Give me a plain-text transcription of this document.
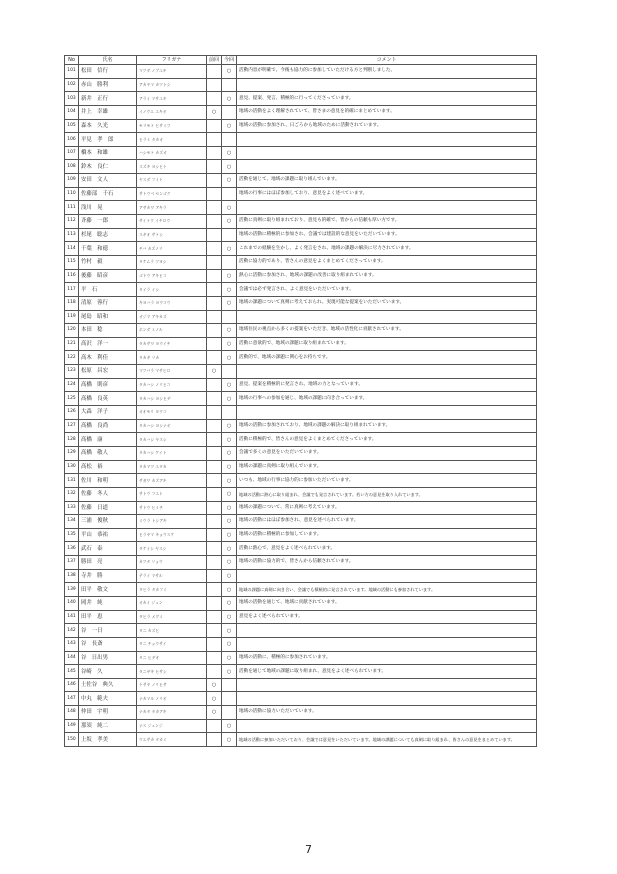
No	氏名	フリガナ	前回	今回	コメント
101	松田　信行	マツダ ノブユキ		○	活動内容が明確で、今後も協力的に参加していただける方と判断しました。
102	赤山　勝利	アカヤマ カツトシ			
103	新井　正行	アライ マサユキ		○	意見、提案、発言、積極的に行ってくださっています。
104	井上　幸雄	イノウエ ユキオ	○		地域の活動をよく理解されていて、皆さまの意見を的確にまとめています。
105	森本　久光	モリモト ヒサミツ		○	地域の活動に参加され、日ごろから地域のために活動されています。
106	平見　孝　郎	ヒラミ タカオ			
107	橋本　和雄	ハシモト カズオ		○	
108	鈴木　良仁	スズキ ヨシヒト		○	
109	安田　文人	ヤスダ フミト		○	活動を通じて、地域の課題に取り組んでいます。
110	佐藤部　千石	サトウベ センゴク			地域の行事にはほぼ参加しており、意見をよく述べています。
111	浅川　晃	アサカワ アキラ		○	
112	斉藤　一郎	サイトウ イチロウ		○	活動に真剣に取り組まれており、意見も的確で、皆からの信頼も厚い方です。
113	杉尾　聡志	スギオ サトシ			地域の活動に積極的に参加され、会議では建設的な意見をいただいています。
114	千葉　和徳	チバ カズノリ		○	これまでの経験を生かし、よく発言をされ、地域の課題の解決に尽力されています。
115	竹村　毅	タケムラ ツヨシ			活動に協力的であり、皆さんの意見をよくまとめてくださっています。
116	後藤　昭彦	ゴトウ アキヒコ		○	熱心に活動に参加され、地域の課題の改善に取り組まれています。
117	平　石	タイラ イシ		○	会議では必ず発言され、よく意見をいただいています。
118	清原　蓉行	キヨハラ ヨウコウ		○	地域の課題について真剣に考えておられ、実現可能な提案をいただいています。
119	尾島　昭和	オジマ アキカズ			
120	本田　稔	ホンダ ミノル		○	地域住民の視点から多くの提案をいただき、地域の活性化に貢献されています。
121	高沢　洋一	タカサワ ヨウイチ		○	活動に意欲的で、地域の課題に取り組まれています。
122	高木　利佳	タカギ リカ		○	活動的で、地域の課題に関心をお持ちです。
123	松原　昌宏	マツバラ マサヒロ	○		
124	高橋　則彦	タカハシ ノリヒコ		○	意見、提案を積極的に発言され、地域の力となっています。
125	高橋　良英	タカハシ ヨシヒデ		○	地域の行事への参加を通じ、地域の課題に向き合っています。
126	大森　洋子	オオモリ ヨウコ			
127	高橋　良尚	タカハシ ヨシナオ		○	地域の活動に参加されており、地域の課題の解決に取り組まれています。
128	高橋　康	タカハシ ヤスシ		○	活動に積極的で、皆さんの意見をよくまとめてくださっています。
129	高橋　敬人	タカハシ ケイト		○	会議で多くの意見をいただいています。
130	高松　裕	タカマツ ユタカ		○	地域の課題に真剣に取り組んでいます。
131	佐川　和明	サガワ カズアキ		○	いつも、地域の行事に協力的に参加いただいています。
132	佐藤　冬人	サトウ フユト		○	地域の活動に熱心に取り組まれ、会議でも発言されています。若い方の意見を取り入れています。
133	佐藤　日道	サトウ ヒミチ		○	地域の課題について、常に真剣に考えています。
134	三浦　俊秋	ミウラ トシアキ		○	地域の活動にはほぼ参加され、意見を述べられています。
135	平山　恭祐	ヒラヤマ キョウスケ		○	地域の活動に積極的に参加しています。
136	武石　泰	タケイシ ヤスシ		○	活動に熱心で、意見をよく述べられています。
137	勝田　亮	カツタ リョウ		○	地域の活動に協力的で、皆さんから信頼されています。
138	寺井　勝	テライ マサル		○	
139	田平　敬文	タヒラ タカフミ		○	地域の課題に真剣に向き合い、会議でも積極的に発言されています。地域の活動にも参加されています。
140	岡井　純	オカイ ジュン		○	地域の活動を通じて、地域に貢献されています。
141	田平　恵	タヒラ メグミ		○	意見をよく述べられています。
142	谷　一日	タニ カズヒ		○	
143	谷　長斎	タニ チョウサイ		○	
144	谷　日出男	タニ ヒデオ		○	地域の活動に、積極的に参加されています。
145	谷崎　久	タニザキ ヒサシ		○	活動を通じて地域の課題に取り組まれ、意見をよく述べられています。
146	土佐谷　典久	トサヤ ノリヒサ	○		
147	中丸　範夫	ナカマル ノリオ	○		
148	仲田　宇明	ナカタ タカアキ	○		地域の活動に協力いただいています。
149	那須　純二	ナス ジュンジ		○	
150	上坂　孝美	ウエサカ タカミ		○	地域の活動に参加いただいており、会議では意見をいただいています。地域の課題についても真剣に取り組まれ、皆さんの意見をまとめています。
7
